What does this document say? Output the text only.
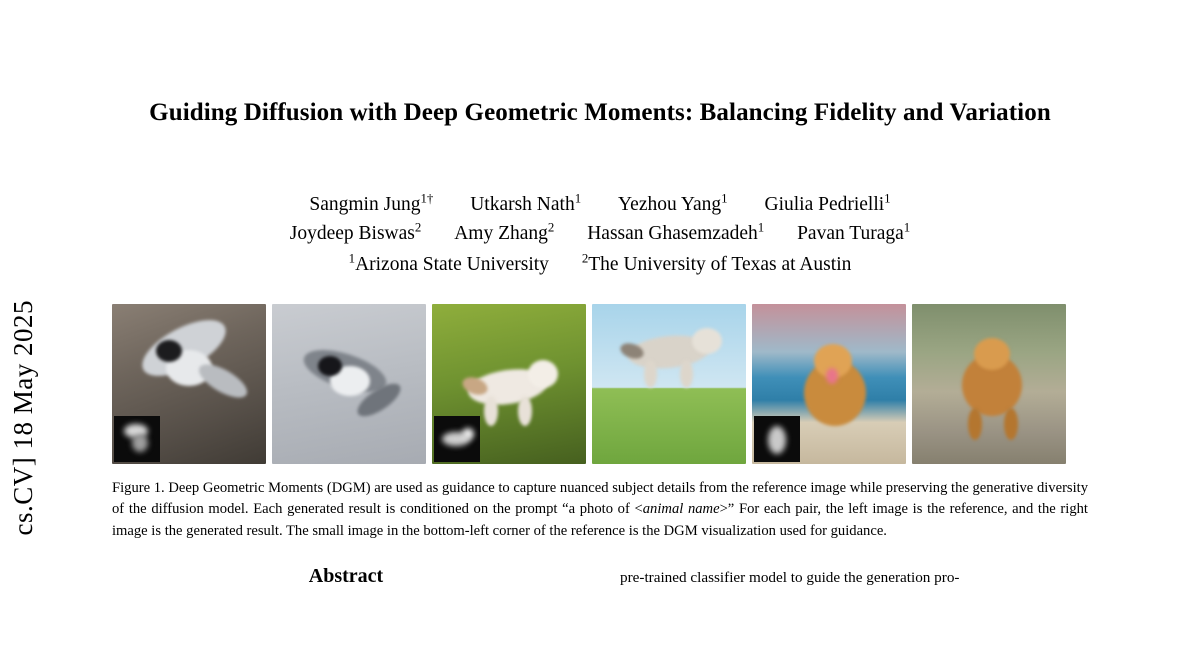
cs.CV] 18 May 2025
Guiding Diffusion with Deep Geometric Moments: Balancing Fidelity and Variation
Sangmin Jung$^{1\dagger}$ Utkarsh Nath$^1$ Yezhou Yang$^1$ Giulia Pedrielli$^1$
Joydeep Biswas$^2$ Amy Zhang$^2$ Hassan Ghasemzadeh$^1$ Pavan Turaga$^1$
$^1$Arizona State University	$^2$The University of Texas at Austin
Figure 1. Deep Geometric Moments (DGM) are used as guidance to capture nuanced subject details from the reference image while preserving the generative diversity of the diffusion model. Each generated result is conditioned on the prompt “a photo of <animal name>” For each pair, the left image is the reference, and the right image is the generated result. The small image in the bottom-left corner of the reference is the DGM visualization used for guidance.
Abstract	pre-trained classifier model to guide the generation pro-
